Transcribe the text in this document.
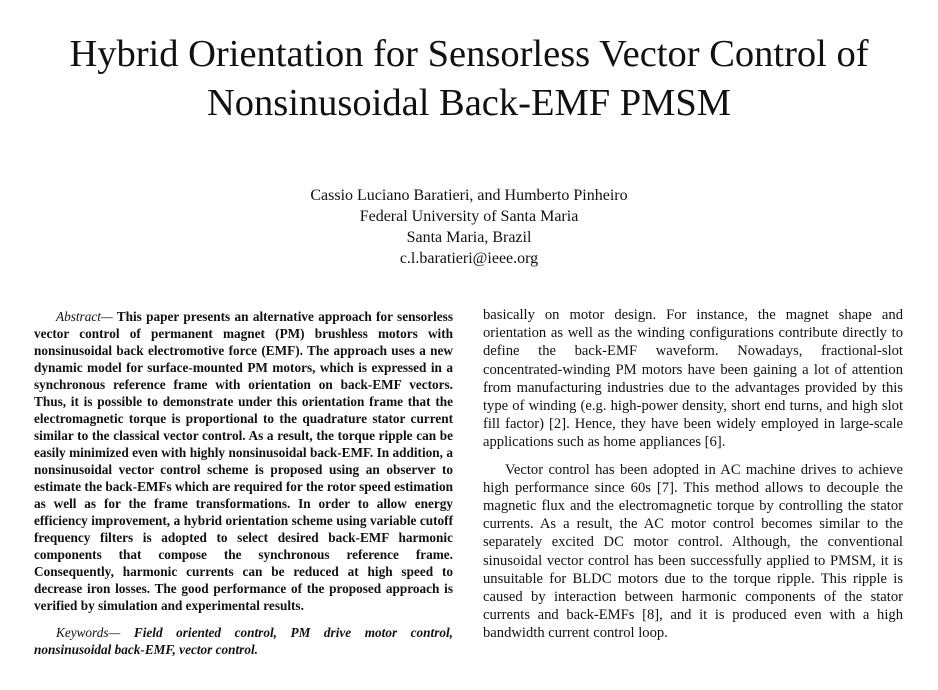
Hybrid Orientation for Sensorless Vector Control of
Nonsinusoidal Back-EMF PMSM
Cassio Luciano Baratieri, and Humberto Pinheiro
Federal University of Santa Maria
Santa Maria, Brazil
c.l.baratieri@ieee.org

Abstract— This paper presents an alternative approach for sensorless vector control of permanent magnet (PM) brushless motors with nonsinusoidal back electromotive force (EMF). The approach uses a new dynamic model for surface-mounted PM motors, which is expressed in a synchronous reference frame with orientation on back-EMF vectors. Thus, it is possible to demonstrate under this orientation frame that the electromagnetic torque is proportional to the quadrature stator current similar to the classical vector control. As a result, the torque ripple can be easily minimized even with highly nonsinusoidal back-EMF. In addition, a nonsinusoidal vector control scheme is proposed using an observer to estimate the back-EMFs which are required for the rotor speed estimation as well as for the frame transformations. In order to allow energy efficiency improvement, a hybrid orientation scheme using variable cutoff frequency filters is adopted to select desired back-EMF harmonic components that compose the synchronous reference frame. Consequently, harmonic currents can be reduced at high speed to decrease iron losses. The good performance of the proposed approach is verified by simulation and experimental results.

Keywords— Field oriented control, PM drive motor control, nonsinusoidal back-EMF, vector control.

basically on motor design. For instance, the magnet shape and orientation as well as the winding configurations contribute directly to define the back-EMF waveform. Nowadays, fractional-slot concentrated-winding PM motors have been gaining a lot of attention from manufacturing industries due to the advantages provided by this type of winding (e.g. high-power density, short end turns, and high slot fill factor) [2]. Hence, they have been widely employed in large-scale applications such as home appliances [6].

Vector control has been adopted in AC machine drives to achieve high performance since 60s [7]. This method allows to decouple the magnetic flux and the electromagnetic torque by controlling the stator currents. As a result, the AC motor control becomes similar to the separately excited DC motor control. Although, the conventional sinusoidal vector control has been successfully applied to PMSM, it is unsuitable for BLDC motors due to the torque ripple. This ripple is caused by interaction between harmonic components of the stator currents and back-EMFs [8], and it is produced even with a high bandwidth current control loop.
